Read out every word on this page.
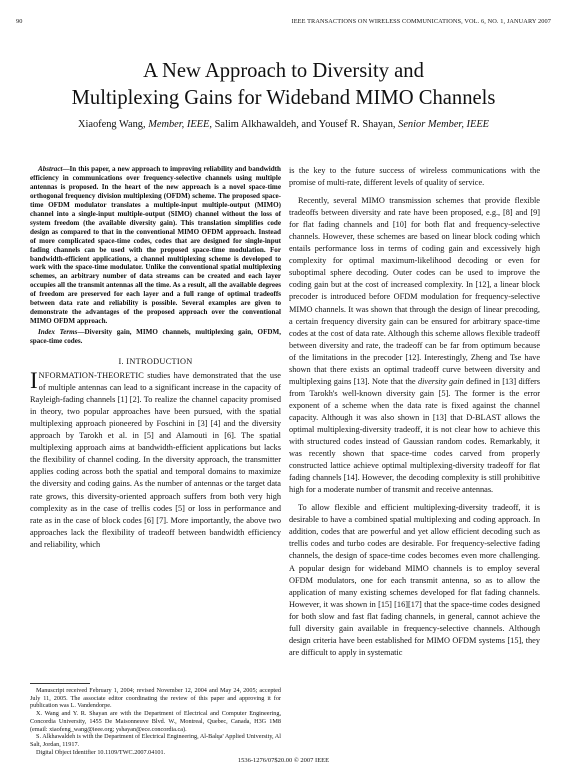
90	IEEE TRANSACTIONS ON WIRELESS COMMUNICATIONS, VOL. 6, NO. 1, JANUARY 2007
A New Approach to Diversity and
Multiplexing Gains for Wideband MIMO Channels
Xiaofeng Wang, Member, IEEE, Salim Alkhawaldeh, and Yousef R. Shayan, Senior Member, IEEE

Abstract—In this paper, a new approach to improving reliability and bandwidth efficiency in communications over frequency-selective channels using multiple antennas is proposed. In the heart of the new approach is a novel space-time orthogonal frequency division multiplexing (OFDM) scheme. The proposed space-time OFDM modulator translates a multiple-input multiple-output (MIMO) channel into a single-input multiple-output (SIMO) channel without the loss of system freedom (the available diversity gain). This translation simplifies code design as compared to that in the conventional MIMO OFDM approach. Instead of more complicated space-time codes, codes that are designed for single-input fading channels can be used with the proposed space-time modulation. For bandwidth-efficient applications, a channel multiplexing scheme is developed to work with the space-time modulator. Unlike the conventional spatial multiplexing schemes, an arbitrary number of data streams can be created and each layer occupies all the transmit antennas all the time. As a result, all the available degrees of freedom are preserved for each layer and a full range of optimal tradeoffs between data rate and reliability is possible. Several examples are given to demonstrate the advantages of the proposed approach over the conventional MIMO OFDM approach.

Index Terms—Diversity gain, MIMO channels, multiplexing gain, OFDM, space-time codes.

I. INTRODUCTION

INFORMATION-THEORETIC studies have demonstrated that the use of multiple antennas can lead to a significant increase in the capacity of Rayleigh-fading channels [1] [2]. To realize the channel capacity promised in theory, two popular approaches have been pursued, with the spatial multiplexing approach pioneered by Foschini in [3] [4] and the diversity approach by Tarokh et al. in [5] and Alamouti in [6]. The spatial multiplexing approach aims at bandwidth-efficient applications but lacks the flexibility of channel coding. In the diversity approach, the transmitter applies coding across both the spatial and temporal domains to maximize the diversity and coding gains. As the number of antennas or the target data rate grows, this diversity-oriented approach suffers from both very high complexity as in the case of trellis codes [5] or loss in performance and rate as in the case of block codes [6] [7]. More importantly, the above two approaches lack the flexibility of tradeoff between bandwidth efficiency and reliability, which

is the key to the future success of wireless communications with the promise of multi-rate, different levels of quality of service.

Recently, several MIMO transmission schemes that provide flexible tradeoffs between diversity and rate have been proposed, e.g., [8] and [9] for flat fading channels and [10] for both flat and frequency-selective channels. However, these schemes are based on linear block coding which entails performance loss in terms of coding gain and excessively high complexity for optimal maximum-likelihood decoding or even for suboptimal sphere decoding. Outer codes can be used to improve the coding gain but at the cost of increased complexity. In [12], a linear block precoder is introduced before OFDM modulation for frequency-selective MIMO channels. It was shown that through the design of linear precoding, a certain frequency diversity gain can be ensured for arbitrary space-time codes at the cost of data rate. Although this scheme allows flexible tradeoff between diversity and rate, the tradeoff can be far from optimum because of the limitations in the precoder [12]. Interestingly, Zheng and Tse have shown that there exists an optimal tradeoff curve between diversity and multiplexing gains [13]. Note that the diversity gain defined in [13] differs from Tarokh's well-known diversity gain [5]. The former is the error exponent of a scheme when the data rate is fixed against the channel capacity. Although it was also shown in [13] that D-BLAST allows the optimal multiplexing-diversity tradeoff, it is not clear how to achieve this with structured codes instead of Gaussian random codes. Remarkably, it was recently shown that space-time codes carved from properly constructed lattice achieve optimal multiplexing-diversity tradeoff for flat fading channels [14]. However, the decoding complexity is still prohibitive high for a moderate number of transmit and receive antennas.

To allow flexible and efficient multiplexing-diversity tradeoff, it is desirable to have a combined spatial multiplexing and coding approach. In addition, codes that are powerful and yet allow efficient decoding such as trellis codes and turbo codes are desirable. For frequency-selective fading channels, the design of space-time codes becomes even more challenging. A popular design for wideband MIMO channels is to employ several OFDM modulators, one for each transmit antenna, so as to allow the application of many existing schemes developed for flat fading channels. However, it was shown in [15] [16][17] that the space-time codes designed for both slow and fast flat fading channels, in general, cannot achieve the full diversity gain available in frequency-selective channels. Although design criteria have been established for MIMO OFDM systems [15], they are difficult to apply in systematic

Manuscript received February 1, 2004; revised November 12, 2004 and May 24, 2005; accepted July 11, 2005. The associate editor coordinating the review of this paper and approving it for publication was L. Vandendorpe.

X. Wang and Y. R. Shayan are with the Department of Electrical and Computer Engineering, Concordia University, 1455 De Maisonneuve Blvd. W., Montreal, Quebec, Canada, H3G 1M8 (email: xiaofeng_wang@ieee.org; yshayan@ece.concordia.ca).

S. Alkhawaldeh is with the Department of Electrical Engineering, Al-Balqa' Applied University, Al Salt, Jordan, 11917.

Digital Object Identifier 10.1109/TWC.2007.04101.

1536-1276/07$20.00 © 2007 IEEE
